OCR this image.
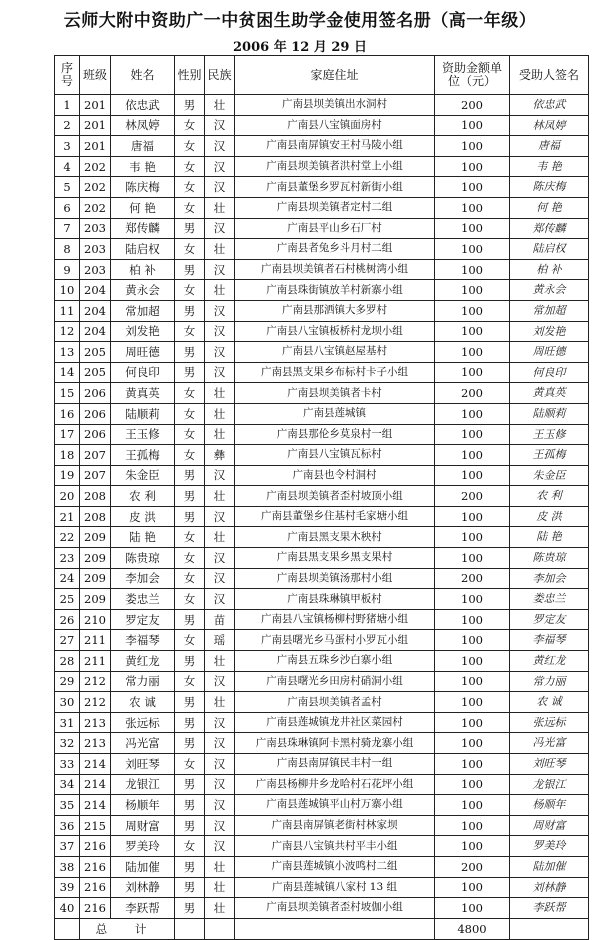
云师大附中资助广一中贫困生助学金使用签名册（高一年级）
2006 年 12 月 29 日
序号	班级	姓名	性别	民族	家庭住址	资助金额单位（元）	受助人签名
1	201	依忠武	男	壮	广南县坝美镇出水洞村	200	依忠武
2	201	林凤婷	女	汉	广南县八宝镇面房村	100	林凤婷
3	201	唐福	女	汉	广南县南屏镇安王村马陵小组	100	唐福
4	202	韦 艳	女	汉	广南县坝美镇者洪村堂上小组	100	韦 艳
5	202	陈庆梅	女	汉	广南县董堡乡罗瓦村新街小组	100	陈庆梅
6	202	何 艳	女	壮	广南县坝美镇者定村二组	100	何 艳
7	203	郑传麟	男	汉	广南县平山乡石厂村	100	郑传麟
8	203	陆启权	女	壮	广南县者兔乡斗月村二组	100	陆启权
9	203	柏 补	男	汉	广南县坝美镇者石村桃树湾小组	100	柏 补
10	204	黄永会	女	壮	广南县珠街镇放羊村新寨小组	100	黄永会
11	204	常加超	男	汉	广南县那洒镇大多罗村	100	常加超
12	204	刘发艳	女	汉	广南县八宝镇板桥村龙坝小组	100	刘发艳
13	205	周旺德	男	汉	广南县八宝镇赵屋基村	100	周旺德
14	205	何良印	男	汉	广南县黑支果乡布标村卡子小组	100	何良印
15	206	黄真英	女	壮	广南县坝美镇者卡村	200	黄真英
16	206	陆顺莉	女	壮	广南县莲城镇	100	陆顺莉
17	206	王玉修	女	壮	广南县那伦乡莫泉村一组	100	王玉修
18	207	王孤梅	女	彝	广南县八宝镇瓦标村	100	王孤梅
19	207	朱金臣	男	汉	广南县也令村洞村	100	朱金臣
20	208	农 利	男	壮	广南县坝美镇者歪村坡顶小组	200	农 利
21	208	皮 洪	男	汉	广南县董堡乡住基村毛家塘小组	100	皮 洪
22	209	陆 艳	女	壮	广南县黑支果木秧村	100	陆 艳
23	209	陈贵琼	女	汉	广南县黑支果乡黑支果村	100	陈贵琼
24	209	李加会	女	汉	广南县坝美镇汤那村小组	200	李加会
25	209	娄忠兰	女	汉	广南县珠琳镇甲板村	100	娄忠兰
26	210	罗定友	男	苗	广南县八宝镇杨柳村野猪塘小组	100	罗定友
27	211	李福琴	女	瑶	广南县曙光乡马蛋村小罗瓦小组	100	李福琴
28	211	黄红龙	男	壮	广南县五珠乡沙白寨小组	100	黄红龙
29	212	常力丽	女	汉	广南县曙光乡田房村硝洞小组	100	常力丽
30	212	农 诚	男	壮	广南县坝美镇者孟村	100	农 诚
31	213	张远标	男	汉	广南县莲城镇龙井社区菜园村	100	张远标
32	213	冯光富	男	汉	广南县珠琳镇阿卡黑村骑龙寨小组	100	冯光富
33	214	刘旺琴	女	汉	广南县南屏镇民丰村一组	100	刘旺琴
34	214	龙银江	男	汉	广南县杨柳井乡龙哈村石花坪小组	100	龙银江
35	214	杨顺年	男	汉	广南县莲城镇平山村万寨小组	100	杨顺年
36	215	周财富	男	汉	广南县南屏镇老街村林家坝	100	周财富
37	216	罗美玲	女	汉	广南县八宝镇共村平丰小组	100	罗美玲
38	216	陆加催	男	壮	广南县莲城镇小波鸣村二组	200	陆加催
39	216	刘林静	男	壮	广南县莲城镇八家村 13 组	100	刘林静
40	216	李跃帮	男	壮	广南县坝美镇者歪村坡伽小组	100	李跃帮
	总 计					4800	
